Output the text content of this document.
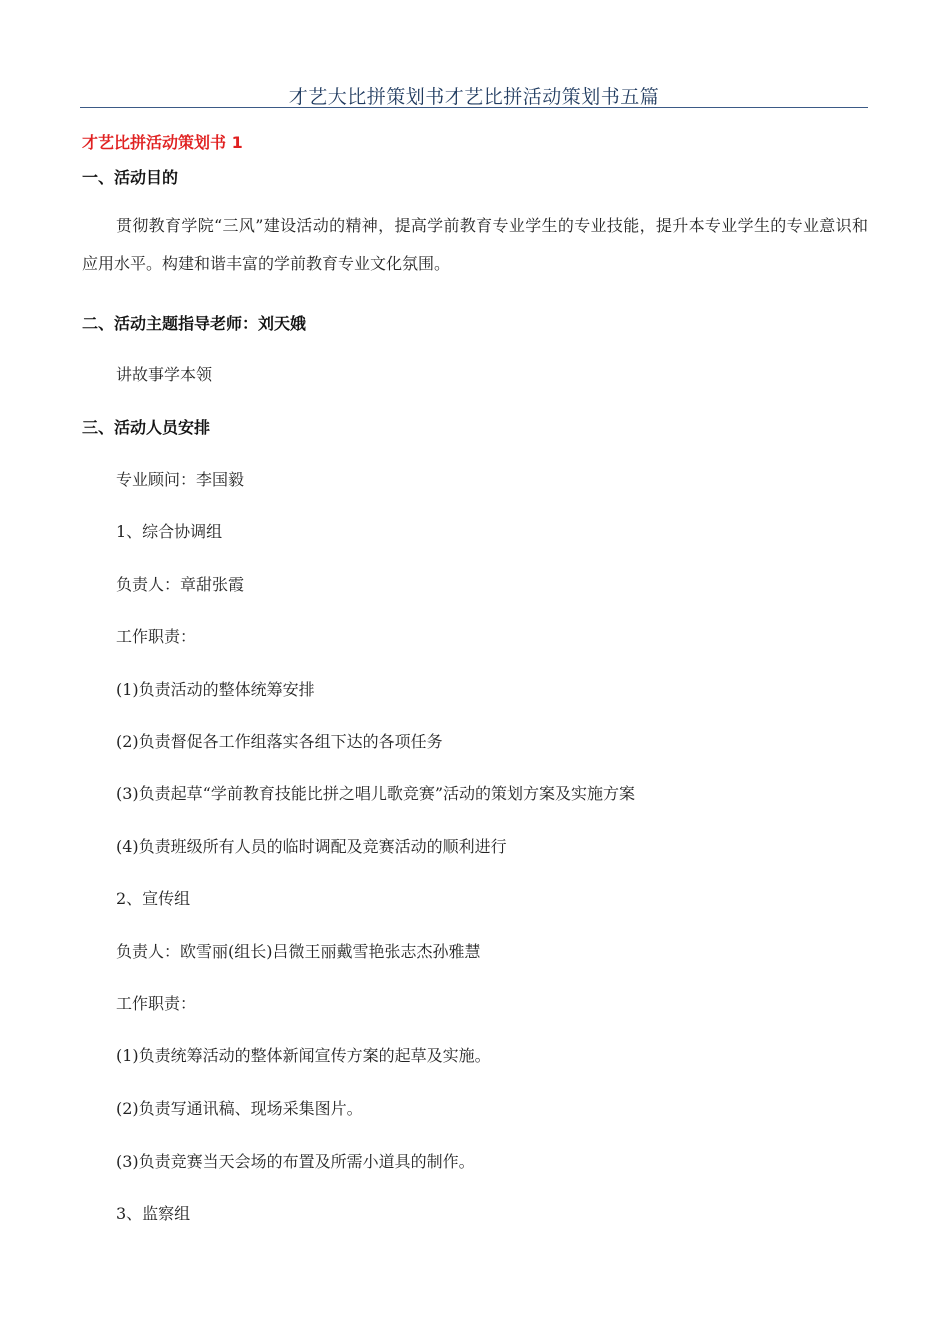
才艺大比拼策划书才艺比拼活动策划书五篇
才艺比拼活动策划书 1
一、活动目的
贯彻教育学院“三风”建设活动的精神，提高学前教育专业学生的专业技能，提升本专业学生的专业意识和应用水平。构建和谐丰富的学前教育专业文化氛围。
二、活动主题指导老师：刘天娥
讲故事学本领
三、活动人员安排
专业顾问：李国毅
1、综合协调组
负责人：章甜张霞
工作职责：
(1)负责活动的整体统筹安排
(2)负责督促各工作组落实各组下达的各项任务
(3)负责起草“学前教育技能比拼之唱儿歌竞赛”活动的策划方案及实施方案
(4)负责班级所有人员的临时调配及竞赛活动的顺利进行
2、宣传组
负责人：欧雪丽(组长)吕微王丽戴雪艳张志杰孙雅慧
工作职责：
(1)负责统筹活动的整体新闻宣传方案的起草及实施。
(2)负责写通讯稿、现场采集图片。
(3)负责竞赛当天会场的布置及所需小道具的制作。
3、监察组
